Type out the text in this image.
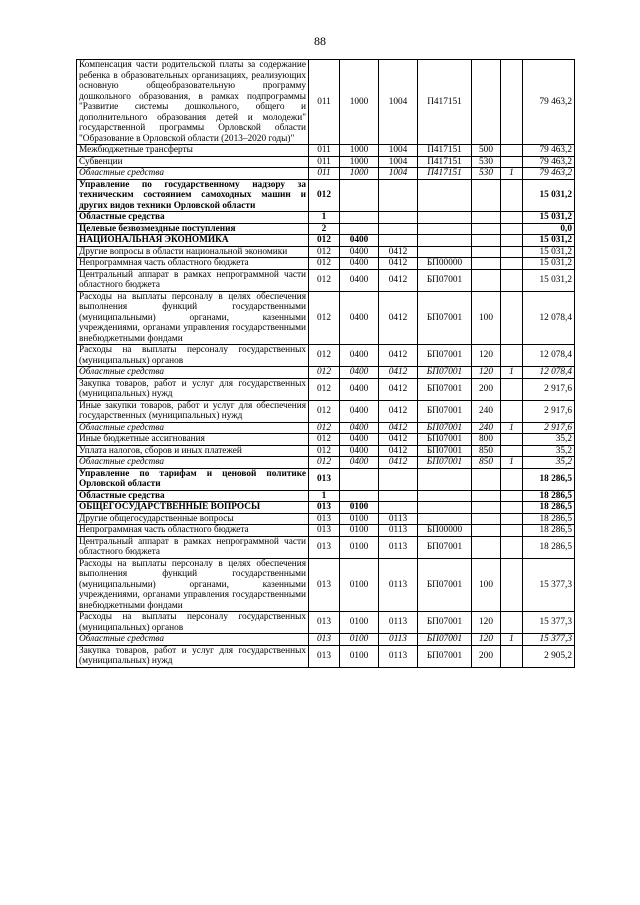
88
Компенсация части родительской платы за содержание ребенка в образовательных организациях, реализующих основную общеобразовательную программу дошкольного образования, в рамках подпрограммы "Развитие системы дошкольного, общего и дополнительного образования детей и молодежи" государственной программы Орловской области "Образование в Орловской области (2013–2020 годы)"	011	1000	1004	П417151			79 463,2
Межбюджетные трансферты	011	1000	1004	П417151	500		79 463,2
Субвенции	011	1000	1004	П417151	530		79 463,2
Областные средства	011	1000	1004	П417151	530	1	79 463,2
Управление по государственному надзору за техническим состоянием самоходных машин и других видов техники Орловской области	012						15 031,2
Областные средства	1						15 031,2
Целевые безвозмездные поступления	2						0,0
НАЦИОНАЛЬНАЯ ЭКОНОМИКА	012	0400					15 031,2
Другие вопросы в области национальной экономики	012	0400	0412				15 031,2
Непрограммная часть областного бюджета	012	0400	0412	БП00000			15 031,2
Центральный аппарат в рамках непрограммной части областного бюджета	012	0400	0412	БП07001			15 031,2
Расходы на выплаты персоналу в целях обеспечения выполнения функций государственными (муниципальными) органами, казенными учреждениями, органами управления государственными внебюджетными фондами	012	0400	0412	БП07001	100		12 078,4
Расходы на выплаты персоналу государственных (муниципальных) органов	012	0400	0412	БП07001	120		12 078,4
Областные средства	012	0400	0412	БП07001	120	1	12 078,4
Закупка товаров, работ и услуг для государственных (муниципальных) нужд	012	0400	0412	БП07001	200		2 917,6
Иные закупки товаров, работ и услуг для обеспечения государственных (муниципальных) нужд	012	0400	0412	БП07001	240		2 917,6
Областные средства	012	0400	0412	БП07001	240	1	2 917,6
Иные бюджетные ассигнования	012	0400	0412	БП07001	800		35,2
Уплата налогов, сборов и иных платежей	012	0400	0412	БП07001	850		35,2
Областные средства	012	0400	0412	БП07001	850	1	35,2
Управление по тарифам и ценовой политике Орловской области	013						18 286,5
Областные средства	1						18 286,5
ОБЩЕГОСУДАРСТВЕННЫЕ ВОПРОСЫ	013	0100					18 286,5
Другие общегосударственные вопросы	013	0100	0113				18 286,5
Непрограммная часть областного бюджета	013	0100	0113	БП00000			18 286,5
Центральный аппарат в рамках непрограммной части областного бюджета	013	0100	0113	БП07001			18 286,5
Расходы на выплаты персоналу в целях обеспечения выполнения функций государственными (муниципальными) органами, казенными учреждениями, органами управления государственными внебюджетными фондами	013	0100	0113	БП07001	100		15 377,3
Расходы на выплаты персоналу государственных (муниципальных) органов	013	0100	0113	БП07001	120		15 377,3
Областные средства	013	0100	0113	БП07001	120	1	15 377,3
Закупка товаров, работ и услуг для государственных (муниципальных) нужд	013	0100	0113	БП07001	200		2 905,2
